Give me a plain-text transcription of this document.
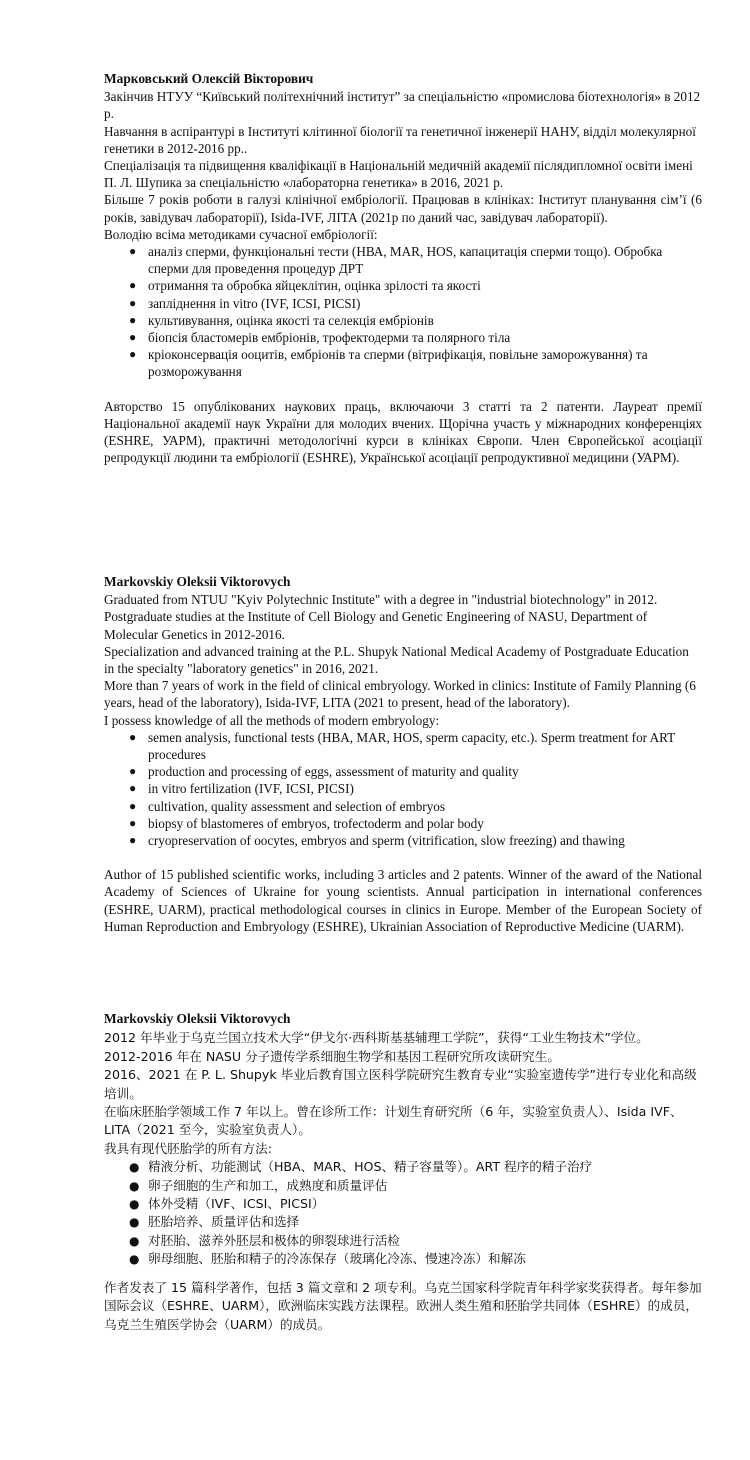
Марковський Олексій Вікторович

Закінчив НТУУ “Київський політехнічний інститут” за спеціальністю «промислова біотехнологія» в 2012 р.

Навчання в аспірантурі в Інституті клітинної біології та генетичної інженерії НАНУ, відділ молекулярної генетики в 2012-2016 рр..

Спеціалізація та підвищення кваліфікації в Національній медичній академії післядипломної освіти імені П. Л. Шупика за спеціальністю «лабораторна генетика» в 2016, 2021 р.

Більше 7 років роботи в галузі клінічної ембріології. Працював в клініках: Інститут планування сім’ї (6 років, завідувач лабораторії), Isida-IVF, ЛІТА (2021р по даний час, завідувач лабораторії).

Володію всіма методиками сучасної ембріології:

● аналіз сперми, функціональні тести (НВА, MAR, HOS, капацитація сперми тощо). Обробка сперми для проведення процедур ДРТ
● отримання та обробка яйцеклітин, оцінка зрілості та якості
● запліднення in vitro (IVF, ICSI, PICSI)
● культивування, оцінка якості та селекція ембріонів
● біопсія бластомерів ембріонів, трофектодерми та полярного тіла
● кріоконсервація ооцитів, ембріонів та сперми (вітрифікація, повільне заморожування) та розморожування

Авторство 15 опублікованих наукових праць, включаючи 3 статті та 2 патенти. Лауреат премії Національної академії наук України для молодих вчених. Щорічна участь у міжнародних конференціях (ESHRE, УАРМ), практичні методологічні курси в клініках Європи. Член Європейської асоціації репродукції людини та ембріології (ESHRE), Української асоціації репродуктивної медицини (УАРМ).

Markovskiy Oleksii Viktorovych

Graduated from NTUU "Kyiv Polytechnic Institute" with a degree in "industrial biotechnology" in 2012.

Postgraduate studies at the Institute of Cell Biology and Genetic Engineering of NASU, Department of Molecular Genetics in 2012-2016.

Specialization and advanced training at the P.L. Shupyk National Medical Academy of Postgraduate Education in the specialty "laboratory genetics" in 2016, 2021.

More than 7 years of work in the field of clinical embryology. Worked in clinics: Institute of Family Planning (6 years, head of the laboratory), Isida-IVF, LITA (2021 to present, head of the laboratory).

I possess knowledge of all the methods of modern embryology:

● semen analysis, functional tests (HBA, MAR, HOS, sperm capacity, etc.). Sperm treatment for ART procedures
● production and processing of eggs, assessment of maturity and quality
● in vitro fertilization (IVF, ICSI, PICSI)
● cultivation, quality assessment and selection of embryos
● biopsy of blastomeres of embryos, trofectoderm and polar body
● cryopreservation of oocytes, embryos and sperm (vitrification, slow freezing) and thawing

Author of 15 published scientific works, including 3 articles and 2 patents. Winner of the award of the National Academy of Sciences of Ukraine for young scientists. Annual participation in international conferences (ESHRE, UARM), practical methodological courses in clinics in Europe. Member of the European Society of Human Reproduction and Embryology (ESHRE), Ukrainian Association of Reproductive Medicine (UARM).

Markovskiy Oleksii Viktorovych

2012 年毕业于乌克兰国立技术大学“伊戈尔·西科斯基基辅理工学院”，获得“工业生物技术”学位。

2012-2016 年在 NASU 分子遗传学系细胞生物学和基因工程研究所攻读研究生。

2016、2021 在 P. L. Shupyk 毕业后教育国立医科学院研究生教育专业“实验室遗传学”进行专业化和高级培训。

在临床胚胎学领域工作 7 年以上。曾在诊所工作：计划生育研究所（6 年，实验室负责人）、Isida IVF、LITA（2021 至今，实验室负责人）。

我具有现代胚胎学的所有方法:

● 精液分析、功能测试（HBA、MAR、HOS、精子容量等）。ART 程序的精子治疗
● 卵子细胞的生产和加工，成熟度和质量评估
● 体外受精（IVF、ICSI、PICSI）
● 胚胎培养、质量评估和选择
● 对胚胎、滋养外胚层和极体的卵裂球进行活检
● 卵母细胞、胚胎和精子的冷冻保存（玻璃化冷冻、慢速冷冻）和解冻

作者发表了 15 篇科学著作，包括 3 篇文章和 2 项专利。乌克兰国家科学院青年科学家奖获得者。每年参加国际会议（ESHRE、UARM），欧洲临床实践方法课程。欧洲人类生殖和胚胎学共同体（ESHRE）的成员，乌克兰生殖医学协会（UARM）的成员。
